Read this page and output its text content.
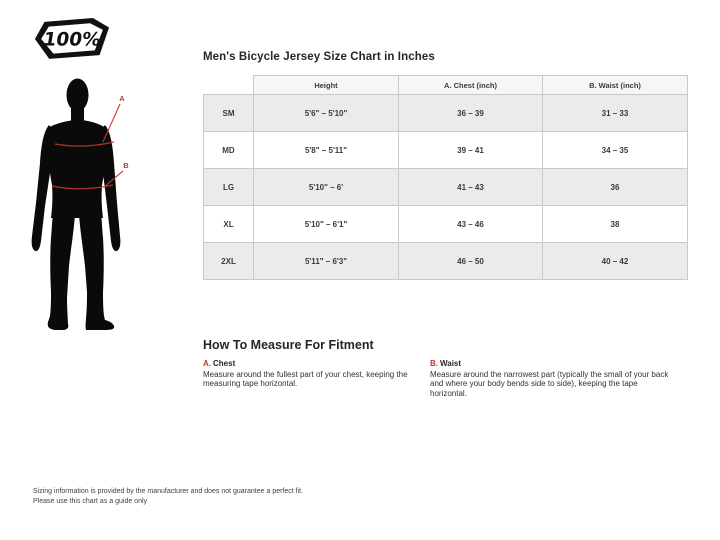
100%
A
B
Men's Bicycle Jersey Size Chart in Inches
	Height	A. Chest (inch)	B. Waist (inch)
SM	5'6" – 5'10"	36 – 39	31 – 33
MD	5'8" – 5'11"	39 – 41	34 – 35
LG	5'10" – 6'	41 – 43	36
XL	5'10" – 6'1"	43 – 46	38
2XL	5'11" – 6'3"	46 – 50	40 – 42
How To Measure For Fitment
A. Chest
Measure around the fullest part of your chest, keeping the measuring tape horizontal.
B. Waist
Measure around the narrowest part (typically the small of your back and where your body bends side to side), keeping the tape horizontal.
Sizing information is provided by the manufacturer and does not guarantee a perfect fit.
Please use this chart as a guide only
